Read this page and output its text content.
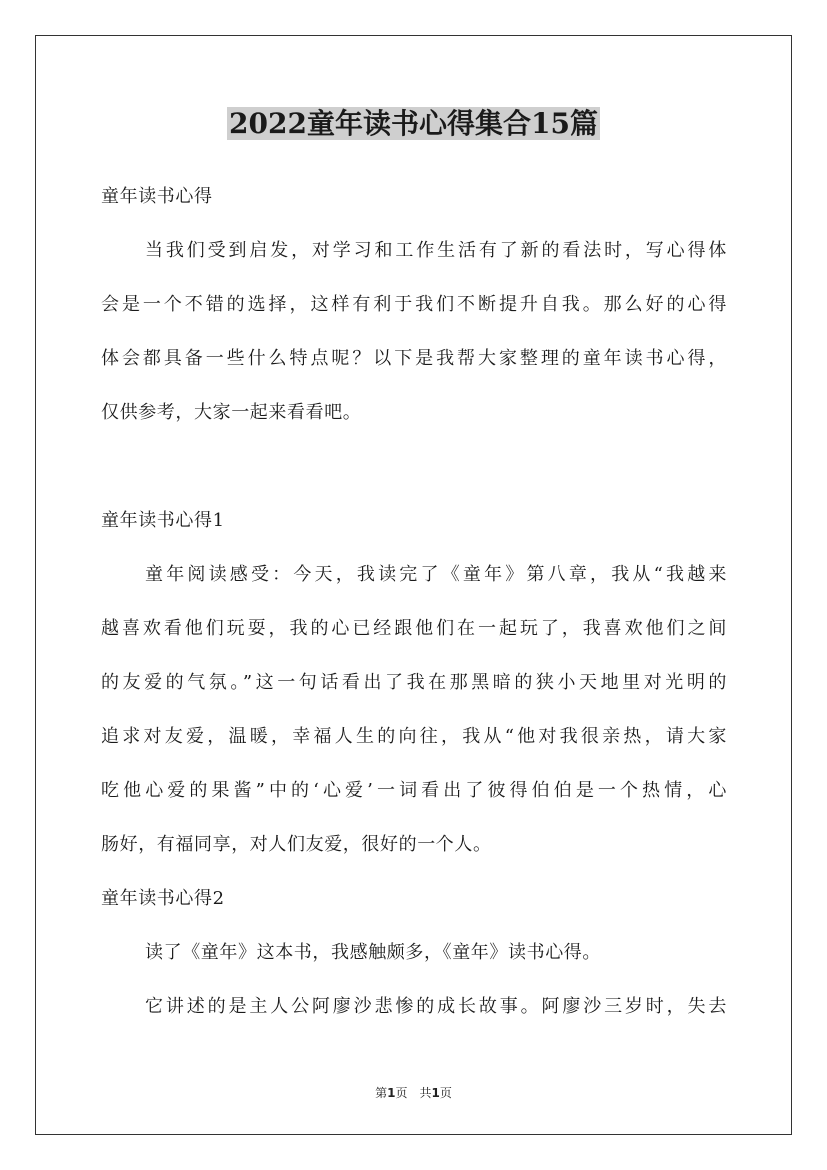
2022童年读书心得集合15篇
童年读书心得
当我们受到启发，对学习和工作生活有了新的看法时，写心得体
会是一个不错的选择，这样有利于我们不断提升自我。那么好的心得
体会都具备一些什么特点呢？以下是我帮大家整理的童年读书心得，
仅供参考，大家一起来看看吧。
童年读书心得1
童年阅读感受：今天，我读完了《童年》第八章，我从“我越来
越喜欢看他们玩耍，我的心已经跟他们在一起玩了，我喜欢他们之间
的友爱的气氛。”这一句话看出了我在那黑暗的狭小天地里对光明的
追求对友爱，温暖，幸福人生的向往，我从“他对我很亲热，请大家
吃他心爱的果酱”中的‘心爱’一词看出了彼得伯伯是一个热情，心
肠好，有福同享，对人们友爱，很好的一个人。
童年读书心得2
读了《童年》这本书，我感触颇多，《童年》读书心得。
它讲述的是主人公阿廖沙悲惨的成长故事。阿廖沙三岁时，失去
第1页　共1页
